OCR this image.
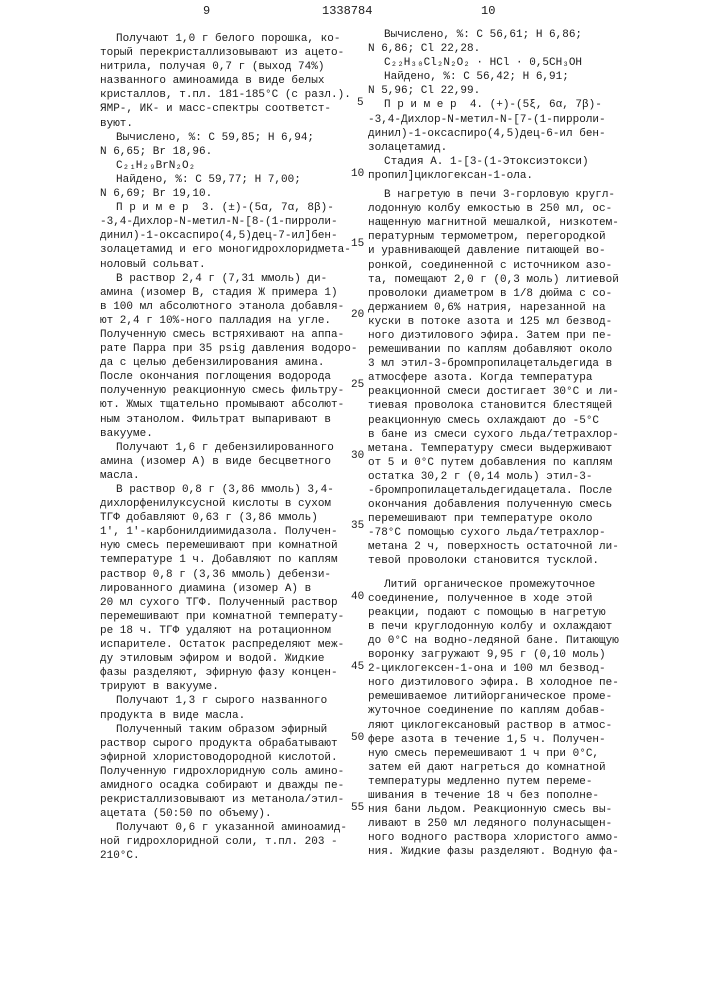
9	1338784	10
Получают 1,0 г белого порошка, ко-
торый перекристаллизовывают из ацето-
нитрила, получая 0,7 г (выход 74%)
названного аминоамида в виде белых
кристаллов, т.пл. 181-185°С (с разл.).
ЯМР-, ИК- и масс-спектры соответст-
вуют.
Вычислено, %: С 59,85; Н 6,94;
N 6,65; Br 18,96.
C₂₁H₂₉BrN₂O₂
Найдено, %: С 59,77; Н 7,00;
N 6,69; Br 19,10.
П р и м е р  3. (±)-(5α, 7α, 8β)-
-3,4-Дихлор-N-метил-N-[8-(1-пирроли-
динил)-1-оксаспиро(4,5)дец-7-ил]бен-
золацетамид и его моногидрохлоридмета-
ноловый сольват.
В раствор 2,4 г (7,31 ммоль) ди-
амина (изомер В, стадия Ж примера 1)
в 100 мл абсолютного этанола добавля-
ют 2,4 г 10%-ного палладия на угле.
Полученную смесь встряхивают на аппа-
рате Парра при 35 psig давления водоро-
да с целью дебензилирования амина.
После окончания поглощения водорода
полученную реакционную смесь фильтру-
ют. Жмых тщательно промывают абсолют-
ным этанолом. Фильтрат выпаривают в
вакууме.
Получают 1,6 г дебензилированного
амина (изомер А) в виде бесцветного
масла.
В раствор 0,8 г (3,86 ммоль) 3,4-
дихлорфенилуксусной кислоты в сухом
ТГФ добавляют 0,63 г (3,86 ммоль)
1', 1'-карбонилдиимидазола. Получен-
ную смесь перемешивают при комнатной
температуре 1 ч. Добавляют по каплям
раствор 0,8 г (3,36 ммоль) дебензи-
лированного диамина (изомер А) в
20 мл сухого ТГФ. Полученный раствор
перемешивают при комнатной температу-
ре 18 ч. ТГФ удаляют на ротационном
испарителе. Остаток распределяют меж-
ду этиловым эфиром и водой. Жидкие
фазы разделяют, эфирную фазу концен-
трируют в вакууме.
Получают 1,3 г сырого названного
продукта в виде масла.
Полученный таким образом эфирный
раствор сырого продукта обрабатывают
эфирной хлористоводородной кислотой.
Полученную гидрохлоридную соль амино-
амидного осадка собирают и дважды пе-
рекристаллизовывают из метанола/этил-
ацетата (50:50 по объему).
Получают 0,6 г указанной аминоамид-
ной гидрохлоридной соли, т.пл. 203 -
210°С.
Вычислено, %: С 56,61; Н 6,86;
N 6,86; Cl 22,28.
C₂₂H₃₀Cl₂N₂O₂ · HCl · 0,5CH₃OH
Найдено, %: С 56,42; Н 6,91;
N 5,96; Cl 22,99.
П р и м е р  4. (+)-(5ξ, 6α, 7β)-
-3,4-Дихлор-N-метил-N-[7-(1-пирроли-
динил)-1-оксаспиро(4,5)дец-6-ил бен-
золацетамид.
Стадия А. 1-[3-(1-Этоксиэтокси)
пропил]циклогексан-1-ола.
В нагретую в печи 3-горловую кругл-
лодонную колбу емкостью в 250 мл, ос-
нащенную магнитной мешалкой, низкотем-
пературным термометром, перегородкой
и уравнивающей давление питающей во-
ронкой, соединенной с источником азо-
та, помещают 2,0 г (0,3 моль) литиевой
проволоки диаметром в 1/8 дюйма с со-
держанием 0,6% натрия, нарезанной на
куски в потоке азота и 125 мл безвод-
ного диэтилового эфира. Затем при пе-
ремешивании по каплям добавляют около
3 мл этил-3-бромпропилацетальдегида в
атмосфере азота. Когда температура
реакционной смеси достигает 30°С и ли-
тиевая проволока становится блестящей
реакционную смесь охлаждают до -5°С
в бане из смеси сухого льда/тетрахлор-
метана. Температуру смеси выдерживают
от 5 и 0°С путем добавления по каплям
остатка 30,2 г (0,14 моль) этил-3-
-бромпропилацетальдегидацетала. После
окончания добавления полученную смесь
перемешивают при температуре около
-78°С помощью сухого льда/тетрахлор-
метана 2 ч, поверхность остаточной ли-
тевой проволоки становится тусклой.
Литий органическое промежуточное
соединение, полученное в ходе этой
реакции, подают с помощью в нагретую
в печи круглодонную колбу и охлаждают
до 0°С на водно-ледяной бане. Питающую
воронку загружают 9,95 г (0,10 моль)
2-циклогексен-1-она и 100 мл безвод-
ного диэтилового эфира. В холодное пе-
ремешиваемое литийорганическое проме-
жуточное соединение по каплям добав-
ляют циклогексановый раствор в атмос-
фере азота в течение 1,5 ч. Получен-
ную смесь перемешивают 1 ч при 0°С,
затем ей дают нагреться до комнатной
температуры медленно путем переме-
шивания в течение 18 ч без пополне-
ния бани льдом. Реакционную смесь вы-
ливают в 250 мл ледяного полунасыщен-
ного водного раствора хлористого аммо-
ния. Жидкие фазы разделяют. Водную фа-
5
10
15
20
25
30
35
40
45
50
55
